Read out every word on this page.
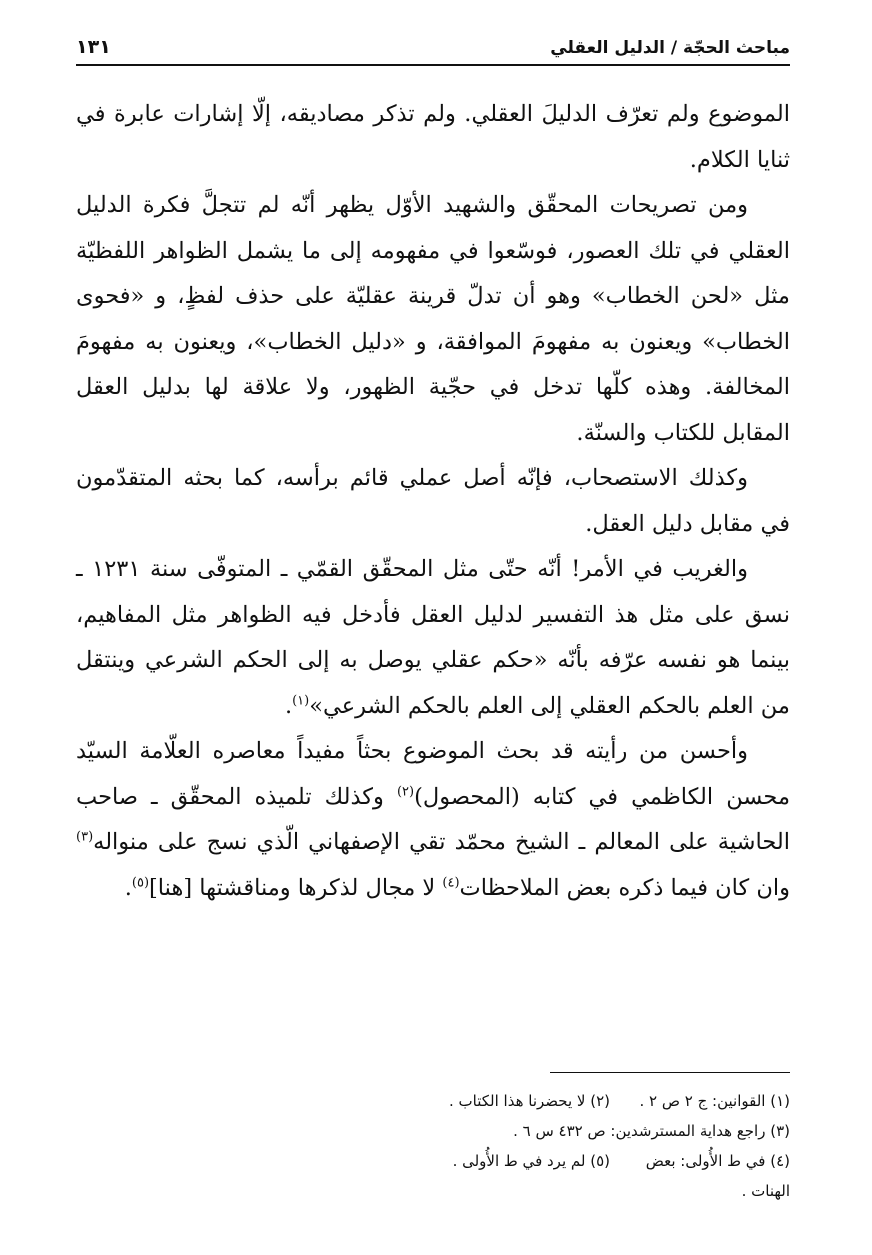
مباحث الحجّة / الدليل العقلي
١٣١

الموضوع ولم تعرّف الدليلَ العقلي. ولم تذكر مصاديقه، إلّا إشارات عابرة في ثنايا الكلام.

ومن تصريحات المحقّق والشهيد الأوّل يظهر أنّه لم تتجلَّ فكرة الدليل العقلي في تلك العصور، فوسّعوا في مفهومه إلى ما يشمل الظواهر اللفظيّة مثل «لحن الخطاب» وهو أن تدلّ قرينة عقليّة على حذف لفظٍ، و «فحوى الخطاب» ويعنون به مفهومَ الموافقة، و «دليل الخطاب»، ويعنون به مفهومَ المخالفة. وهذه كلّها تدخل في حجّية الظهور، ولا علاقة لها بدليل العقل المقابل للكتاب والسنّة.

وكذلك الاستصحاب، فإنّه أصل عملي قائم برأسه، كما بحثه المتقدّمون في مقابل دليل العقل.

والغريب في الأمر! أنّه حتّى مثل المحقّق القمّي ـ المتوفّى سنة ١٢٣١ ـ نسق على مثل هذ التفسير لدليل العقل فأدخل فيه الظواهر مثل المفاهيم، بينما هو نفسه عرّفه بأنّه «حكم عقلي يوصل به إلى الحكم الشرعي وينتقل من العلم بالحكم العقلي إلى العلم بالحكم الشرعي»$^{(١)}$.

وأحسن من رأيته قد بحث الموضوع بحثاً مفيداً معاصره العلّامة السيّد محسن الكاظمي في كتابه (المحصول)$^{(٢)}$ وكذلك تلميذه المحقّق ـ صاحب الحاشية على المعالم ـ الشيخ محمّد تقي الإصفهاني الّذي نسج على منواله$^{(٣)}$ وان كان فيما ذكره بعض الملاحظات$^{(٤)}$ لا مجال لذكرها ومناقشتها [هنا]$^{(٥)}$.

(١) القوانين: ج ٢ ص ٢ .
(٢) لا يحضرنا هذا الكتاب .
(٣) راجع هداية المسترشدين: ص ٤٣٢ س ٦ .
(٤) في ط الأُولى: بعض الهنات .
(٥) لم يرد في ط الأُولى .
